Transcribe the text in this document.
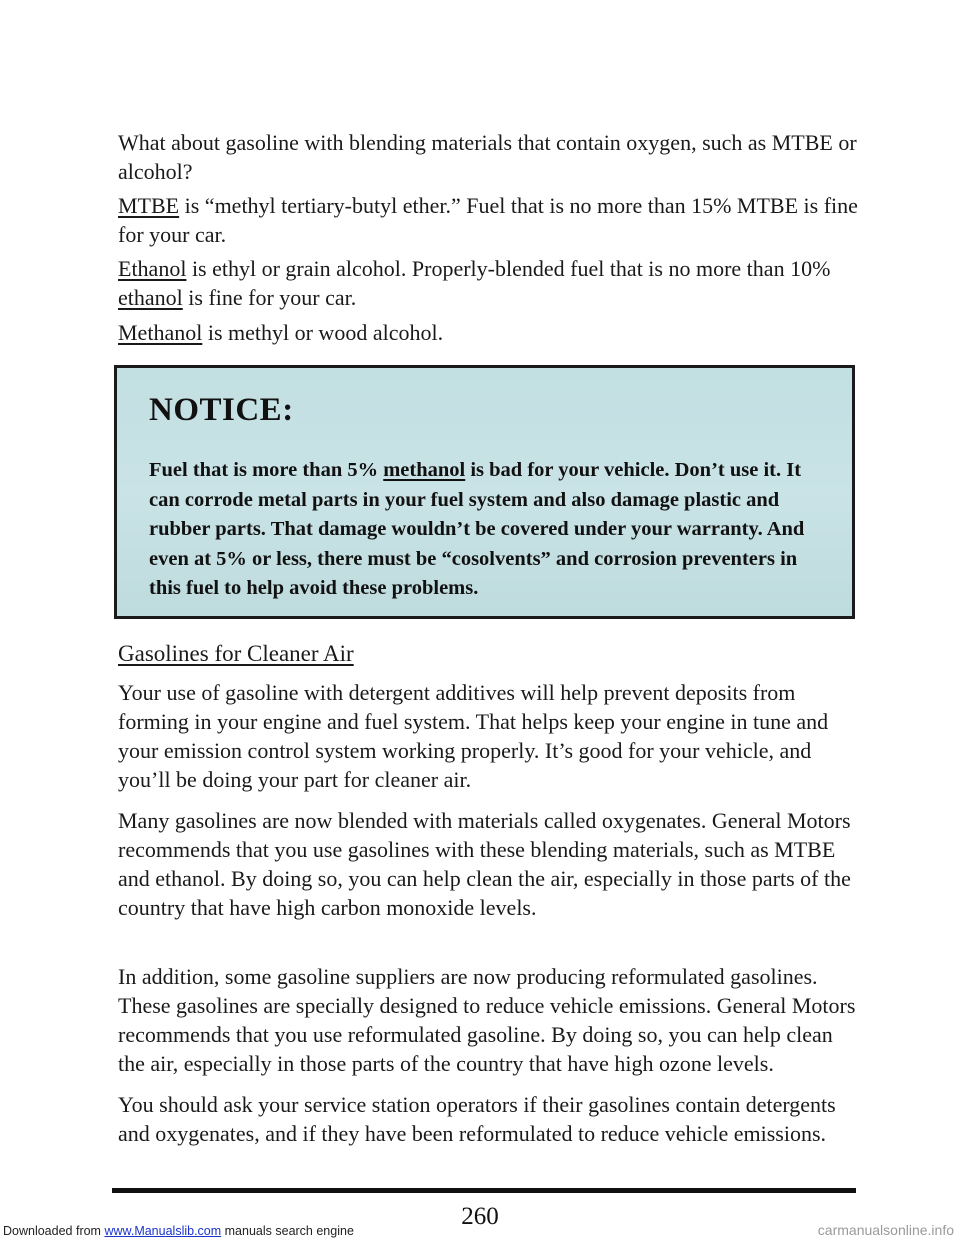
What about gasoline with blending materials that contain oxygen, such as MTBE or alcohol?

MTBE is “methyl tertiary-butyl ether.” Fuel that is no more than 15% MTBE is fine for your car.

Ethanol is ethyl or grain alcohol. Properly-blended fuel that is no more than 10% ethanol is fine for your car.

Methanol is methyl or wood alcohol.

NOTICE:
Fuel that is more than 5% methanol is bad for your vehicle. Don’t use it. It can corrode metal parts in your fuel system and also damage plastic and rubber parts. That damage wouldn’t be covered under your warranty. And even at 5% or less, there must be “cosolvents” and corrosion preventers in this fuel to help avoid these problems.
Gasolines for Cleaner Air

Your use of gasoline with detergent additives will help prevent deposits from forming in your engine and fuel system. That helps keep your engine in tune and your emission control system working properly. It’s good for your vehicle, and you’ll be doing your part for cleaner air.

Many gasolines are now blended with materials called oxygenates. General Motors recommends that you use gasolines with these blending materials, such as MTBE and ethanol. By doing so, you can help clean the air, especially in those parts of the country that have high carbon monoxide levels.

In addition, some gasoline suppliers are now producing reformulated gasolines. These gasolines are specially designed to reduce vehicle emissions. General Motors recommends that you use reformulated gasoline. By doing so, you can help clean the air, especially in those parts of the country that have high ozone levels.

You should ask your service station operators if their gasolines contain detergents and oxygenates, and if they have been reformulated to reduce vehicle emissions.

260
Downloaded from www.Manualslib.com manuals search engine	carmanualsonline.info
